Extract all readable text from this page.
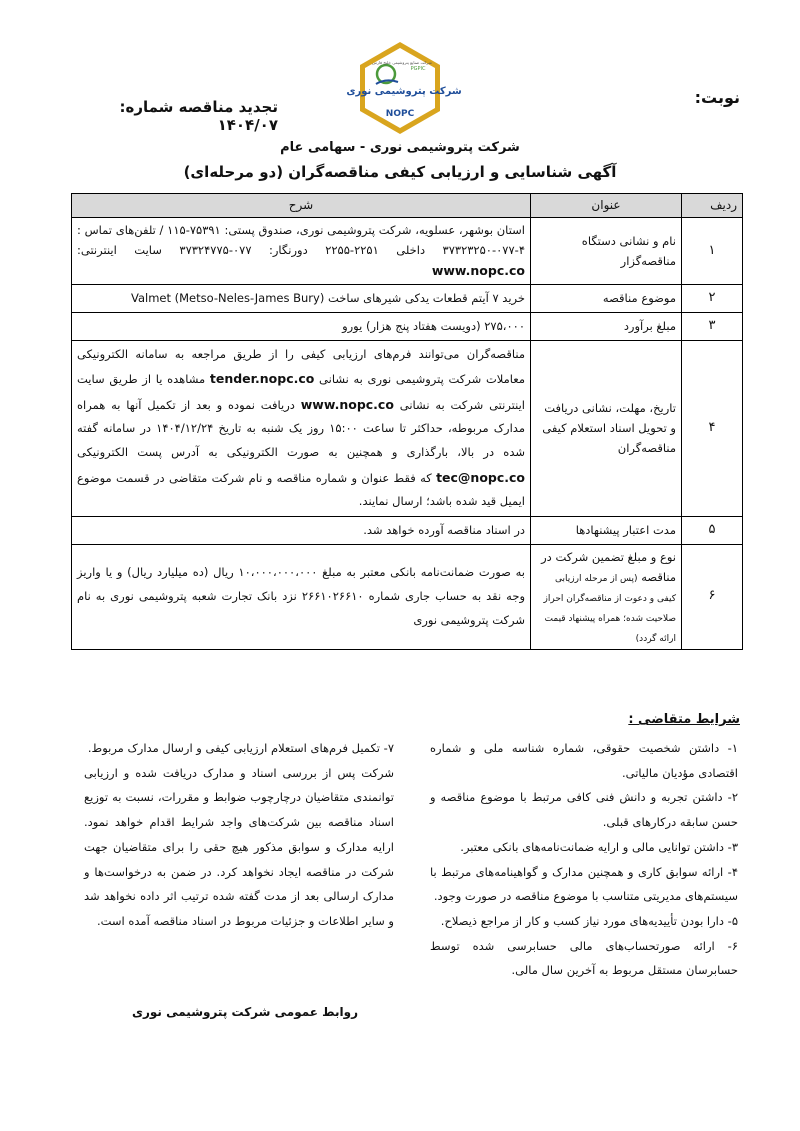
نوبت:
تجدید مناقصه شماره: ۱۴۰۴/۰۷
PGPIC
شرکت پتروشیمی نوری
شرکت صنایع پتروشیمی خلیج فارس
NOPC
شرکت پتروشیمی نوری - سهامی عام
آگهی شناسایی و ارزیابی کیفی مناقصه‌گران (دو مرحله‌ای)
ردیف	عنوان	شرح
۱	نام و نشانی دستگاه مناقصه‌گزار	استان بوشهر، عسلویه، شرکت پتروشیمی نوری، صندوق پستی: ۷۵۳۹۱-۱۱۵ / تلفن‌های تماس : ۴-۰۷۷-۳۷۳۲۳۲۵۰ داخلی ۲۲۵۱-۲۲۵۵ دورنگار: ۰۷۷-۳۷۳۲۴۷۷۵ سایت اینترنتی: www.nopc.co
۲	موضوع مناقصه	خرید ۷ آیتم قطعات یدکی شیرهای ساخت Valmet (Metso-Neles-James Bury)
۳	مبلغ برآورد	۲۷۵،۰۰۰ (دویست هفتاد پنج هزار) یورو
۴	تاریخ، مهلت، نشانی دریافت و تحویل اسناد استعلام کیفی مناقصه‌گران	مناقصه‌گران می‌توانند فرم‌های ارزیابی کیفی را از طریق مراجعه به سامانه الکترونیکی معاملات شرکت پتروشیمی نوری به نشانی tender.nopc.co مشاهده یا از طریق سایت اینترنتی شرکت به نشانی www.nopc.co دریافت نموده و بعد از تکمیل آنها به همراه مدارک مربوطه، حداکثر تا ساعت ۱۵:۰۰ روز یک شنبه به تاریخ ۱۴۰۴/۱۲/۲۴ در سامانه گفته شده در بالا، بارگذاری و همچنین به صورت الکترونیکی به آدرس پست الکترونیکی tec@nopc.co که فقط عنوان و شماره مناقصه و نام شرکت متقاضی در قسمت موضوع ایمیل قید شده باشد؛ ارسال نمایند.
۵	مدت اعتبار پیشنهادها	در اسناد مناقصه آورده خواهد شد.
۶	نوع و مبلغ تضمین شرکت در مناقصه (پس از مرحله ارزیابی کیفی و دعوت از مناقصه‌گران احراز صلاحیت شده؛ همراه پیشنهاد قیمت ارائه گردد)	به صورت ضمانت‌نامه بانکی معتبر به مبلغ ۱۰،۰۰۰،۰۰۰،۰۰۰ ریال (ده میلیارد ریال) و یا واریز وجه نقد به حساب جاری شماره ۲۶۶۱۰۲۶۶۱۰ نزد بانک تجارت شعبه پتروشیمی نوری به نام شرکت پتروشیمی نوری
شرایط متقاضی :

۱- داشتن شخصیت حقوقی، شماره شناسه ملی و شماره اقتصادی مؤدیان مالیاتی.

۲- داشتن تجربه و دانش فنی کافی مرتبط با موضوع مناقصه و حسن سابقه درکارهای قبلی.

۳- داشتن توانایی مالی و ارایه ضمانت‌نامه‌های بانکی معتبر.

۴- ارائه سوابق کاری و همچنین مدارک و گواهینامه‌های مرتبط با سیستم‌های مدیریتی متناسب با موضوع مناقصه در صورت وجود.

۵- دارا بودن تأییدیه‌های مورد نیاز کسب و کار از مراجع ذیصلاح.

۶- ارائه صورتحساب‌های مالی حسابرسی شده توسط حسابرسان مستقل مربوط به آخرین سال مالی.

۷- تکمیل فرم‌های استعلام ارزیابی کیفی و ارسال مدارک مربوط.

شرکت پس از بررسی اسناد و مدارک دریافت شده و ارزیابی توانمندی متقاضیان درچارچوب ضوابط و مقررات، نسبت به توزیع اسناد مناقصه بین شرکت‌های واجد شرایط اقدام خواهد نمود. ارایه مدارک و سوابق مذکور هیچ حقی را برای متقاضیان جهت شرکت در مناقصه ایجاد نخواهد کرد. در ضمن به درخواست‌ها و مدارک ارسالی بعد از مدت گفته شده ترتیب اثر داده نخواهد شد و سایر اطلاعات و جزئیات مربوط در اسناد مناقصه آمده است.

روابط عمومی شرکت پتروشیمی نوری
